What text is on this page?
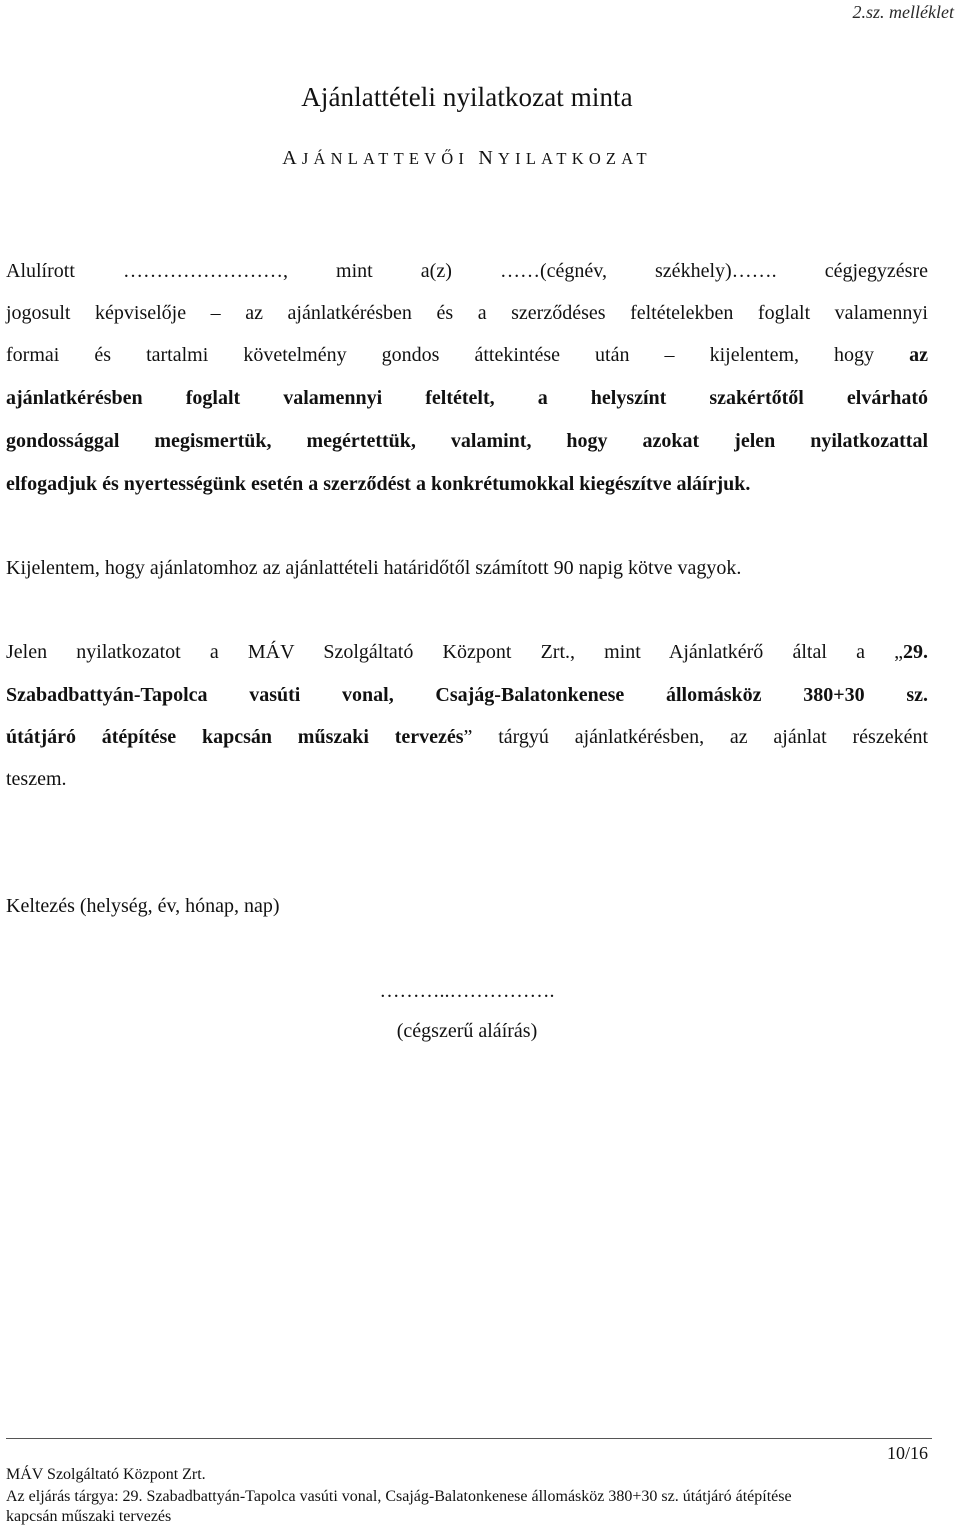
2.sz. melléklet
Ajánlattételi nyilatkozat minta
AJÁNLATTEVŐI NYILATKOZAT
Alulírott ……………………, mint a(z) ……(cégnév, székhely)……. cégjegyzésre
jogosult képviselője – az ajánlatkérésben és a szerződéses feltételekben foglalt valamennyi
formai és tartalmi követelmény gondos áttekintése után – kijelentem, hogy az
ajánlatkérésben foglalt valamennyi feltételt, a helyszínt szakértőtől elvárható
gondossággal megismertük, megértettük, valamint, hogy azokat jelen nyilatkozattal
elfogadjuk és nyertességünk esetén a szerződést a konkrétumokkal kiegészítve aláírjuk.
Kijelentem, hogy ajánlatomhoz az ajánlattételi határidőtől számított 90 napig kötve vagyok.
Jelen nyilatkozatot a MÁV Szolgáltató Központ Zrt., mint Ajánlatkérő által a „29.
Szabadbattyán-Tapolca vasúti vonal, Csajág-Balatonkenese állomásköz 380+30 sz.
útátjáró átépítése kapcsán műszaki tervezés” tárgyú ajánlatkérésben, az ajánlat részeként
teszem.
Keltezés (helység, év, hónap, nap)
………..…………….
(cégszerű aláírás)
10/16
MÁV Szolgáltató Központ Zrt.
Az eljárás tárgya: 29. Szabadbattyán-Tapolca vasúti vonal, Csajág-Balatonkenese állomásköz 380+30 sz. útátjáró átépítése
kapcsán műszaki tervezés
